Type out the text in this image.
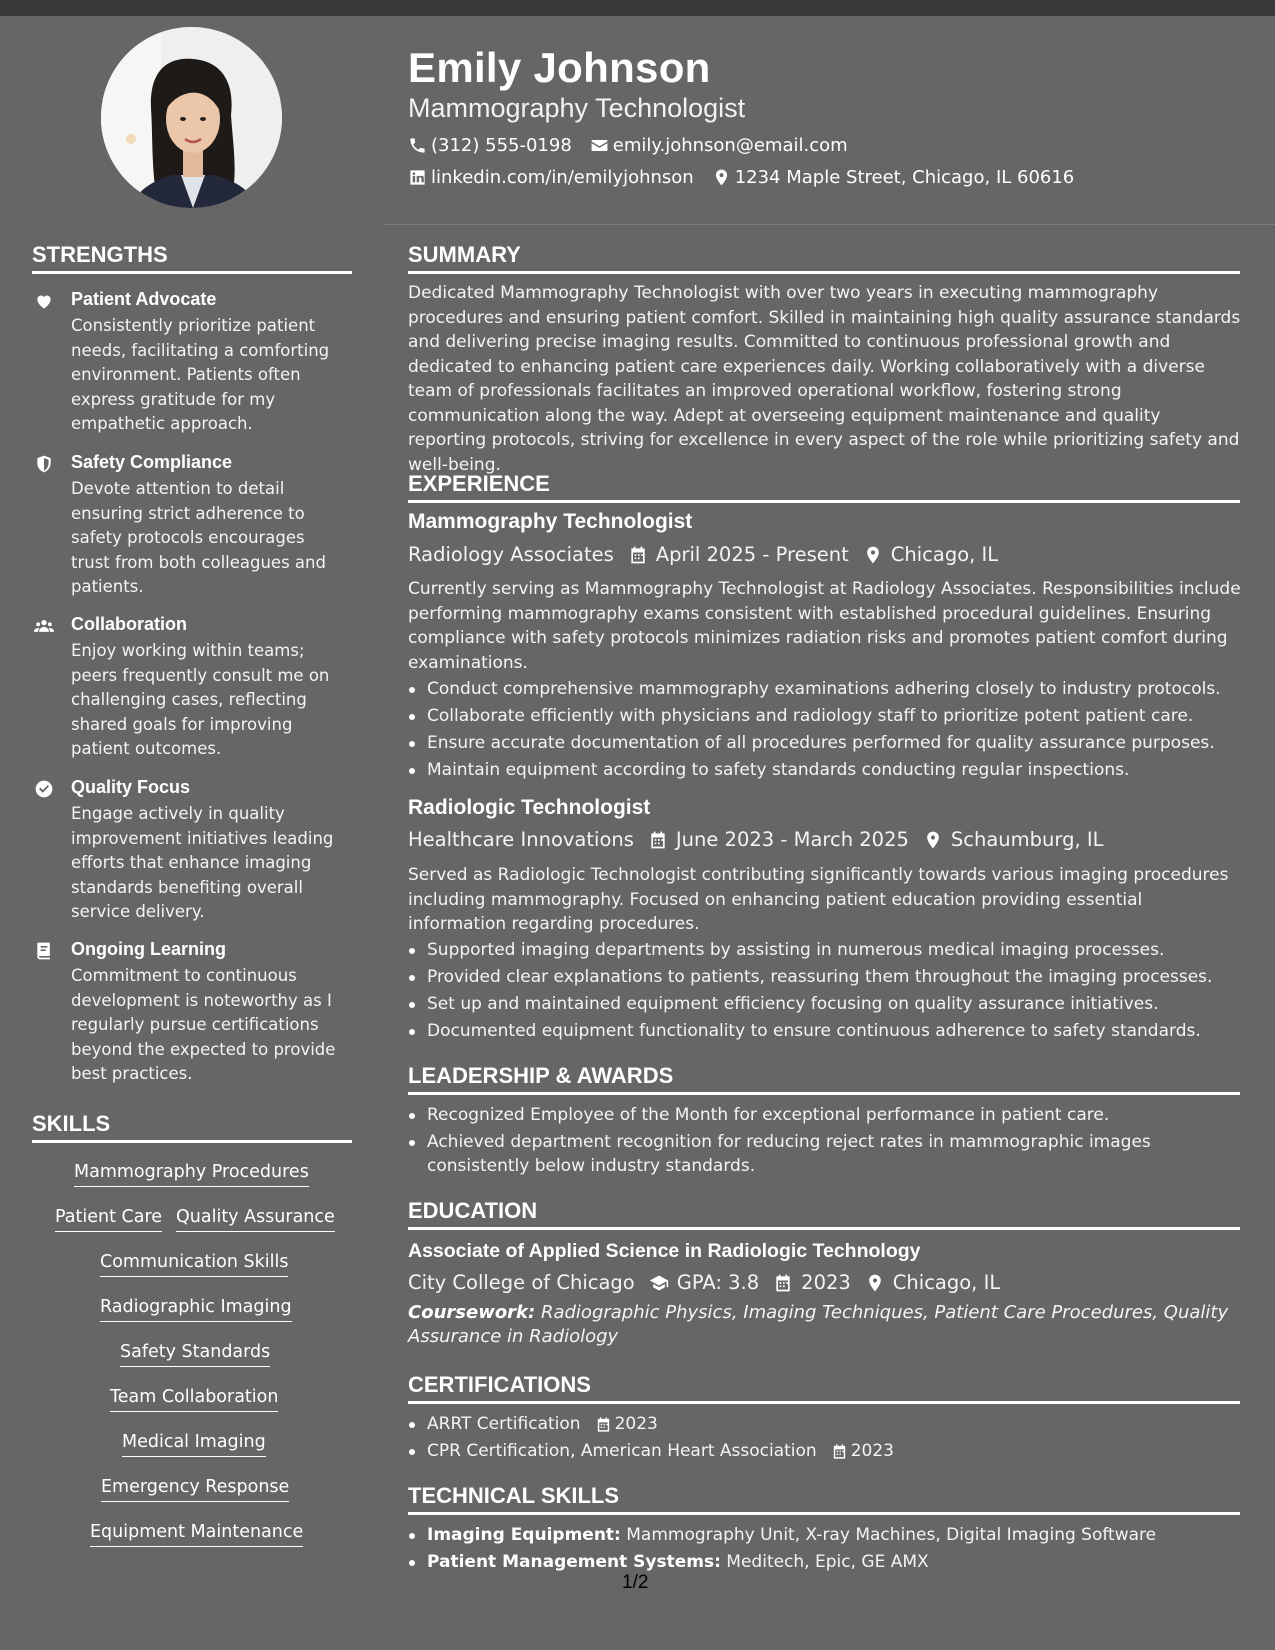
Emily Johnson
Mammography Technologist
(312) 555-0198 emily.johnson@email.com
linkedin.com/in/emilyjohnson 1234 Maple Street, Chicago, IL 60616
STRENGTHS
Patient Advocate
Consistently prioritize patient needs, facilitating a comforting environment. Patients often express gratitude for my empathetic approach.
Safety Compliance
Devote attention to detail ensuring strict adherence to safety protocols encourages trust from both colleagues and patients.
Collaboration
Enjoy working within teams; peers frequently consult me on challenging cases, reflecting shared goals for improving patient outcomes.
Quality Focus
Engage actively in quality improvement initiatives leading efforts that enhance imaging standards benefiting overall service delivery.
Ongoing Learning
Commitment to continuous development is noteworthy as I regularly pursue certifications beyond the expected to provide best practices.
SKILLS
Mammography Procedures
Patient Care Quality Assurance
Communication Skills
Radiographic Imaging
Safety Standards
Team Collaboration
Medical Imaging
Emergency Response
Equipment Maintenance
SUMMARY
Dedicated Mammography Technologist with over two years in executing mammography procedures and ensuring patient comfort. Skilled in maintaining high quality assurance standards and delivering precise imaging results. Committed to continuous professional growth and dedicated to enhancing patient care experiences daily. Working collaboratively with a diverse team of professionals facilitates an improved operational workflow, fostering strong communication along the way. Adept at overseeing equipment maintenance and quality reporting protocols, striving for excellence in every aspect of the role while prioritizing safety and well-being.
EXPERIENCE
Mammography Technologist
Radiology Associates April 2025 - Present Chicago, IL
Currently serving as Mammography Technologist at Radiology Associates. Responsibilities include performing mammography exams consistent with established procedural guidelines. Ensuring compliance with safety protocols minimizes radiation risks and promotes patient comfort during examinations.
Conduct comprehensive mammography examinations adhering closely to industry protocols.
Collaborate efficiently with physicians and radiology staff to prioritize potent patient care.
Ensure accurate documentation of all procedures performed for quality assurance purposes.
Maintain equipment according to safety standards conducting regular inspections.
Radiologic Technologist
Healthcare Innovations June 2023 - March 2025 Schaumburg, IL
Served as Radiologic Technologist contributing significantly towards various imaging procedures including mammography. Focused on enhancing patient education providing essential information regarding procedures.
Supported imaging departments by assisting in numerous medical imaging processes.
Provided clear explanations to patients, reassuring them throughout the imaging processes.
Set up and maintained equipment efficiency focusing on quality assurance initiatives.
Documented equipment functionality to ensure continuous adherence to safety standards.
LEADERSHIP & AWARDS
Recognized Employee of the Month for exceptional performance in patient care.
Achieved department recognition for reducing reject rates in mammographic images consistently below industry standards.
EDUCATION
Associate of Applied Science in Radiologic Technology
City College of Chicago GPA: 3.8 2023 Chicago, IL
Coursework: Radiographic Physics, Imaging Techniques, Patient Care Procedures, Quality Assurance in Radiology
CERTIFICATIONS
ARRT Certification 2023
CPR Certification, American Heart Association 2023
TECHNICAL SKILLS
Imaging Equipment: Mammography Unit, X-ray Machines, Digital Imaging Software
Patient Management Systems: Meditech, Epic, GE AMX
1/2
